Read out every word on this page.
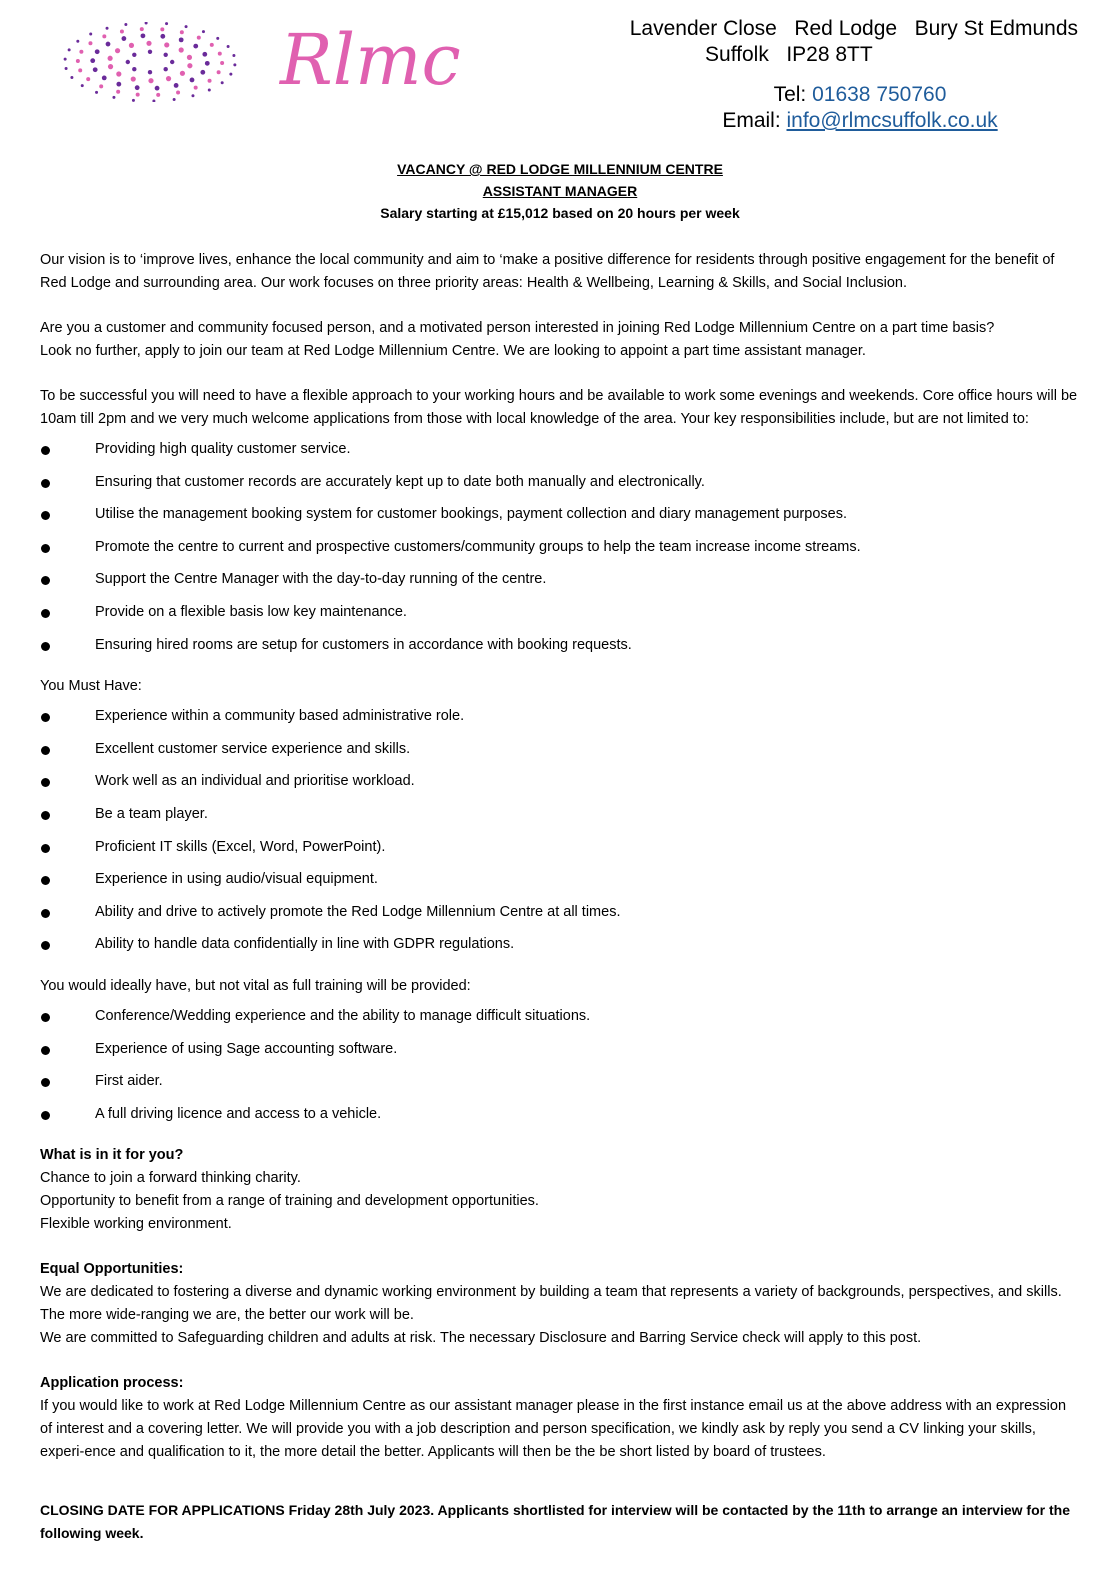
Rlmc	Lavender Close   Red Lodge   Bury St Edmunds
Suffolk   IP28 8TT
Tel: 01638 750760
Email: info@rlmcsuffolk.co.uk
VACANCY @ RED LODGE MILLENNIUM CENTRE
ASSISTANT MANAGER
Salary starting at £15,012 based on 20 hours per week

Our vision is to ‘improve lives, enhance the local community and aim to ‘make a positive difference for residents through positive engagement for the benefit of Red Lodge and surrounding area. Our work focuses on three priority areas: Health & Wellbeing, Learning & Skills, and Social Inclusion.

Are you a customer and community focused person, and a motivated person interested in joining Red Lodge Millennium Centre on a part time basis?

Look no further, apply to join our team at Red Lodge Millennium Centre. We are looking to appoint a part time assistant manager.

To be successful you will need to have a flexible approach to your working hours and be available to work some evenings and weekends. Core office hours will be 10am till 2pm and we very much welcome applications from those with local knowledge of the area. Your key responsibilities include, but are not limited to:

Providing high quality customer service.
Ensuring that customer records are accurately kept up to date both manually and electronically.
Utilise the management booking system for customer bookings, payment collection and diary management purposes.
Promote the centre to current and prospective customers/community groups to help the team increase income streams.
Support the Centre Manager with the day-to-day running of the centre.
Provide on a flexible basis low key maintenance.
Ensuring hired rooms are setup for customers in accordance with booking requests.

You Must Have:

Experience within a community based administrative role.
Excellent customer service experience and skills.
Work well as an individual and prioritise workload.
Be a team player.
Proficient IT skills (Excel, Word, PowerPoint).
Experience in using audio/visual equipment.
Ability and drive to actively promote the Red Lodge Millennium Centre at all times.
Ability to handle data confidentially in line with GDPR regulations.

You would ideally have, but not vital as full training will be provided:

Conference/Wedding experience and the ability to manage difficult situations.
Experience of using Sage accounting software.
First aider.
A full driving licence and access to a vehicle.

What is in it for you?

Chance to join a forward thinking charity.

Opportunity to benefit from a range of training and development opportunities.

Flexible working environment.

Equal Opportunities:

We are dedicated to fostering a diverse and dynamic working environment by building a team that represents a variety of backgrounds, perspectives, and skills.

The more wide-ranging we are, the better our work will be.

We are committed to Safeguarding children and adults at risk. The necessary Disclosure and Barring Service check will apply to this post.

Application process:

If you would like to work at Red Lodge Millennium Centre as our assistant manager please in the first instance email us at the above address with an expression of interest and a covering letter. We will provide you with a job description and person specification, we kindly ask by reply you send a CV linking your skills, experi-ence and qualification to it, the more detail the better. Applicants will then be the be short listed by board of trustees.

CLOSING DATE FOR APPLICATIONS Friday 28th July 2023. Applicants shortlisted for interview will be contacted by the 11th to arrange an interview for the following week.
